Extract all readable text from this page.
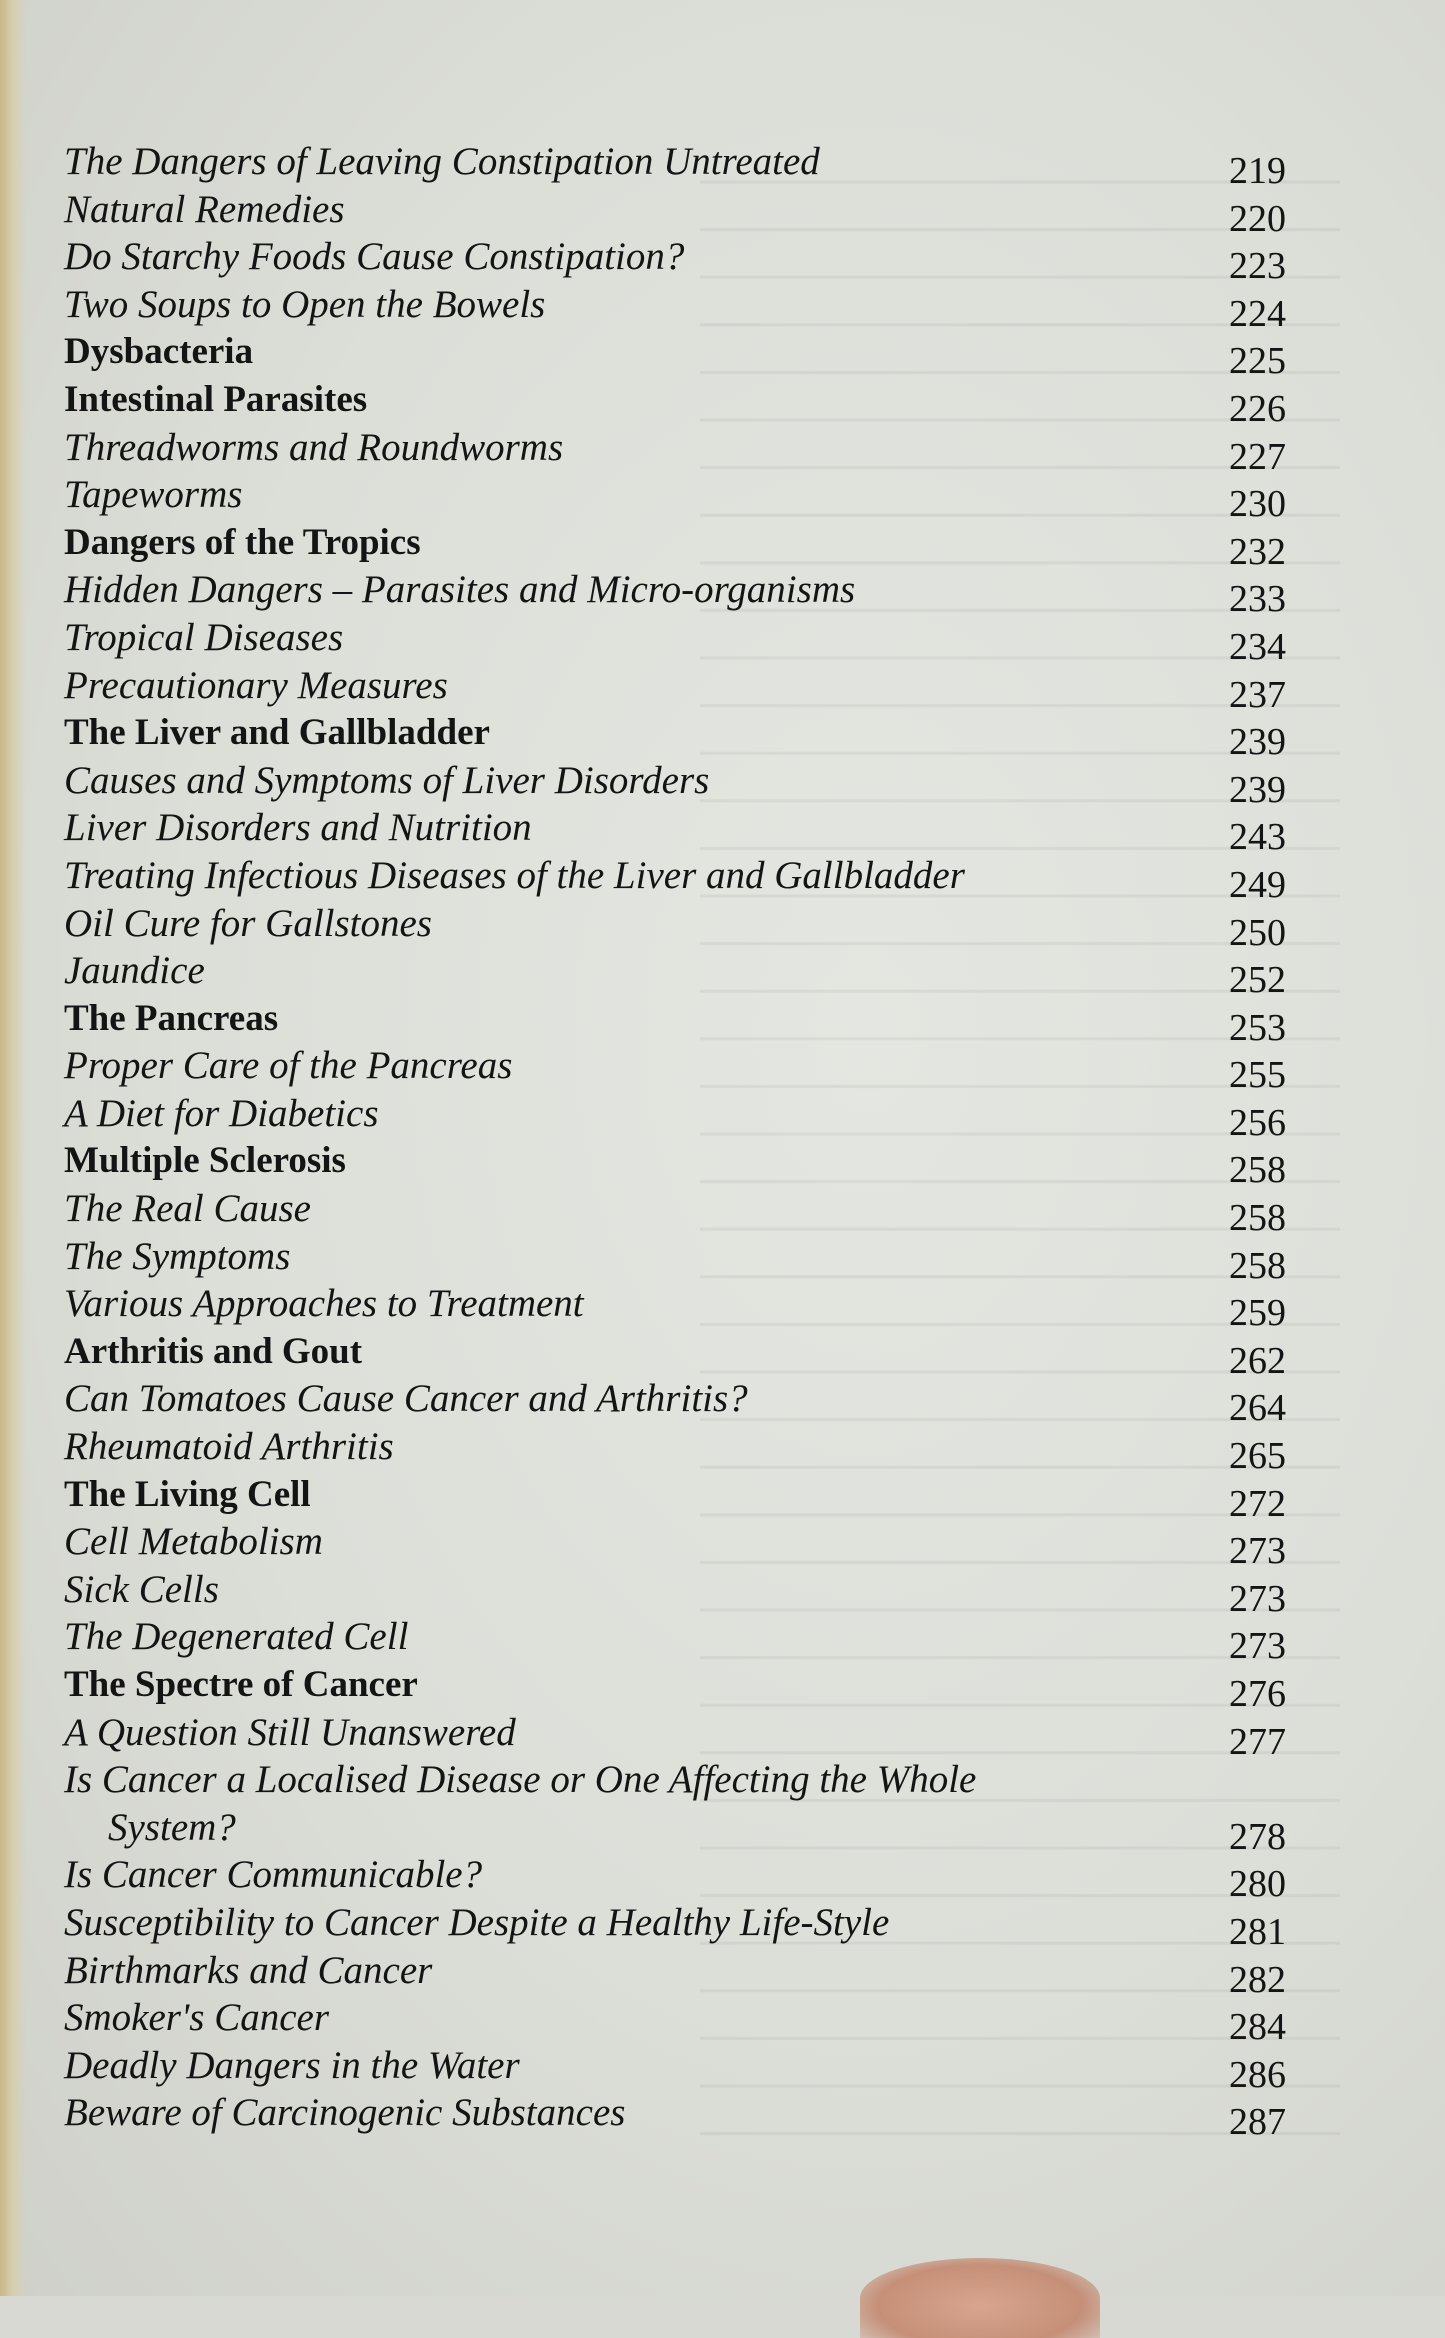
The Dangers of Leaving Constipation Untreated	219
Natural Remedies	220
Do Starchy Foods Cause Constipation?	223
Two Soups to Open the Bowels	224
Dysbacteria	225
Intestinal Parasites	226
Threadworms and Roundworms	227
Tapeworms	230
Dangers of the Tropics	232
Hidden Dangers – Parasites and Micro-organisms	233
Tropical Diseases	234
Precautionary Measures	237
The Liver and Gallbladder	239
Causes and Symptoms of Liver Disorders	239
Liver Disorders and Nutrition	243
Treating Infectious Diseases of the Liver and Gallbladder	249
Oil Cure for Gallstones	250
Jaundice	252
The Pancreas	253
Proper Care of the Pancreas	255
A Diet for Diabetics	256
Multiple Sclerosis	258
The Real Cause	258
The Symptoms	258
Various Approaches to Treatment	259
Arthritis and Gout	262
Can Tomatoes Cause Cancer and Arthritis?	264
Rheumatoid Arthritis	265
The Living Cell	272
Cell Metabolism	273
Sick Cells	273
The Degenerated Cell	273
The Spectre of Cancer	276
A Question Still Unanswered	277
Is Cancer a Localised Disease or One Affecting the Whole
System?	278
Is Cancer Communicable?	280
Susceptibility to Cancer Despite a Healthy Life-Style	281
Birthmarks and Cancer	282
Smoker's Cancer	284
Deadly Dangers in the Water	286
Beware of Carcinogenic Substances	287
